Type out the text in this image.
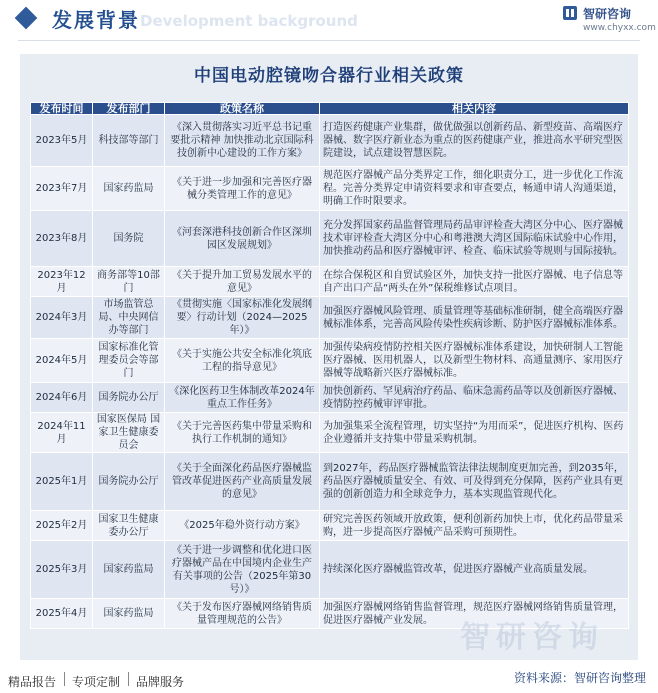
Development background
发展背景	智研咨询
www.chyxx.com
中国电动腔镜吻合器行业相关政策
发布时间	发布部门	政策名称	相关内容
2023年5月	科技部等部门	《深入贯彻落实习近平总书记重要批示精神 加快推动北京国际科技创新中心建设的工作方案》	打造医药健康产业集群，做优做强以创新药品、新型疫苗、高端医疗器械、数字医疗新业态为重点的医药健康产业，推进高水平研究型医院建设，试点建设智慧医院。
2023年7月	国家药监局	《关于进一步加强和完善医疗器械分类管理工作的意见》	规范医疗器械产品分类界定工作，细化职责分工，进一步优化工作流程。完善分类界定申请资料要求和审查要点，畅通申请人沟通渠道，明确工作时限要求。
2023年8月	国务院	《河套深港科技创新合作区深圳园区发展规划》	充分发挥国家药品监督管理局药品审评检查大湾区分中心、医疗器械技术审评检查大湾区分中心和粤港澳大湾区国际临床试验中心作用，加快推动药品和医疗器械审评、检查、临床试验等规则与国际接轨。
2023年12月	商务部等10部门	《关于提升加工贸易发展水平的意见》	在综合保税区和自贸试验区外，加快支持一批医疗器械、电子信息等自产出口产品“两头在外”保税维修试点项目。
2024年3月	市场监管总局、中央网信办等部门	《贯彻实施〈国家标准化发展纲要〉行动计划（2024—2025年）》	加强医疗器械风险管理、质量管理等基础标准研制，健全高端医疗器械标准体系，完善高风险传染性疾病诊断、防护医疗器械标准体系。
2024年5月	国家标准化管理委员会等部门	《关于实施公共安全标准化筑底工程的指导意见》	加强传染病疫情防控相关医疗器械标准体系建设，加快研制人工智能医疗器械、医用机器人，以及新型生物材料、高通量测序、家用医疗器械等战略新兴医疗器械标准。
2024年6月	国务院办公厅	《深化医药卫生体制改革2024年重点工作任务》	加快创新药、罕见病治疗药品、临床急需药品等以及创新医疗器械、疫情防控药械审评审批。
2024年11月	国家医保局 国家卫生健康委员会	《关于完善医药集中带量采购和执行工作机制的通知》	为加强集采全流程管理，切实坚持“为用而采”，促进医疗机构、医药企业遵循并支持集中带量采购机制。
2025年1月	国务院办公厅	《关于全面深化药品医疗器械监管改革促进医药产业高质量发展的意见》	到2027年，药品医疗器械监管法律法规制度更加完善，到2035年，药品医疗器械质量安全、有效、可及得到充分保障，医药产业具有更强的创新创造力和全球竞争力，基本实现监管现代化。
2025年2月	国家卫生健康委办公厅	《2025年稳外资行动方案》	研究完善医药领域开放政策，便利创新药加快上市，优化药品带量采购，进一步提高医疗器械产品采购可预期性。
2025年3月	国家药监局	《关于进一步调整和优化进口医疗器械产品在中国境内企业生产有关事项的公告（2025年第30号）》	持续深化医疗器械监管改革，促进医疗器械产业高质量发展。
2025年4月	国家药监局	《关于发布医疗器械网络销售质量管理规范的公告》	加强医疗器械网络销售监督管理，规范医疗器械网络销售质量管理，促进医疗器械产业发展。 智研咨询
精品报告 专项定制 品牌服务	资料来源：智研咨询整理
